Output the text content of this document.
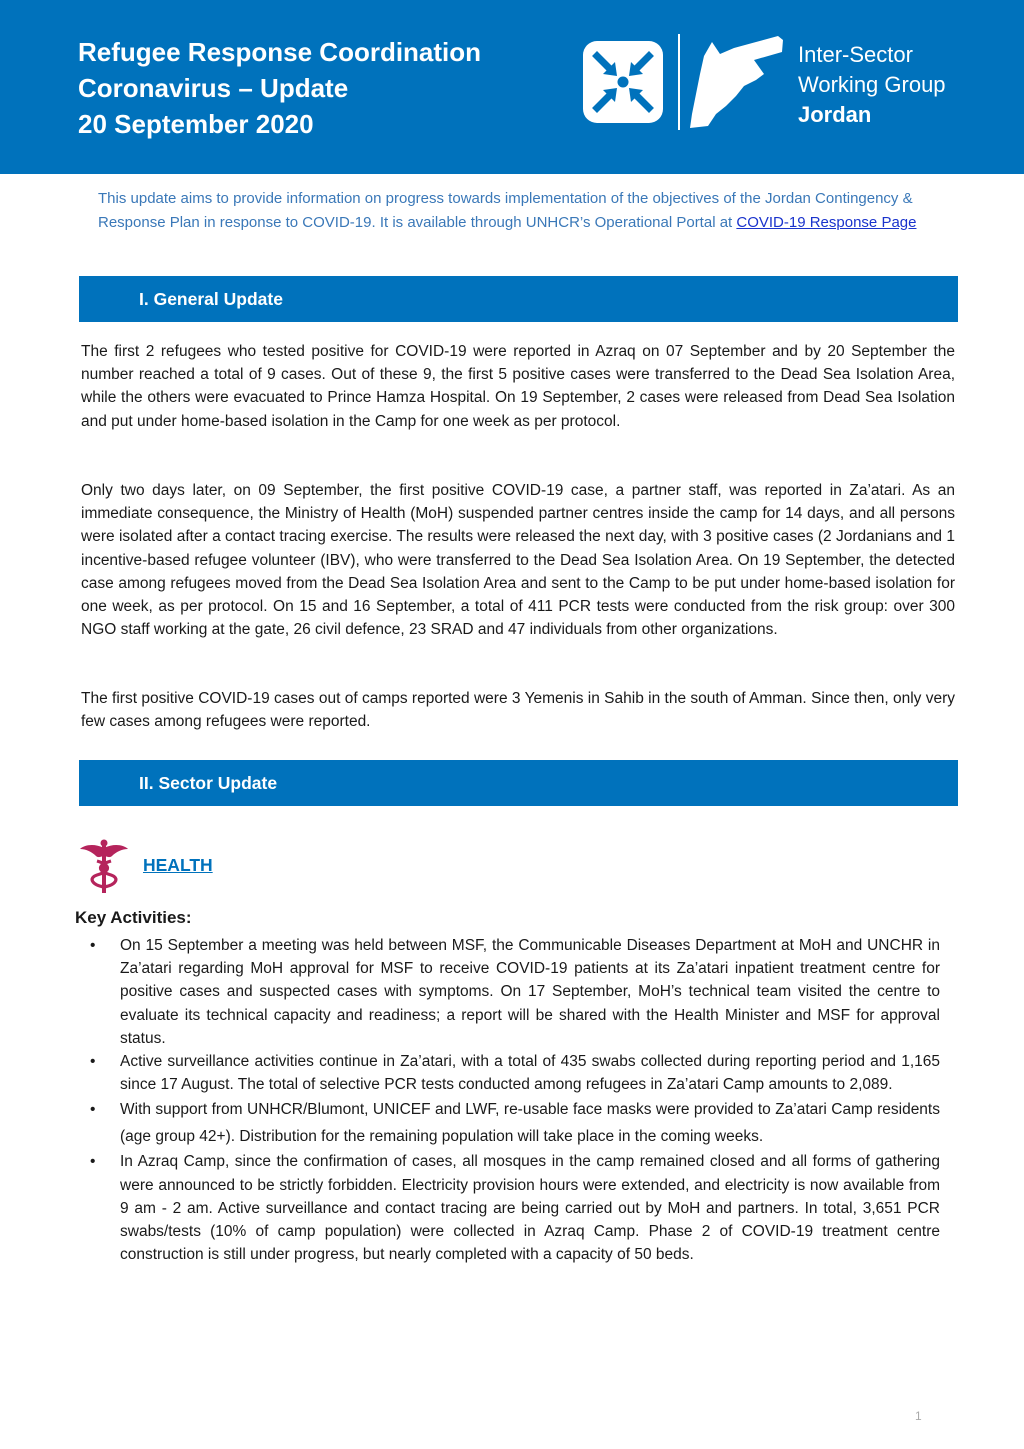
Refugee Response Coordination
Coronavirus – Update
20 September 2020
Inter-Sector
Working Group
Jordan
This update aims to provide information on progress towards implementation of the objectives of the Jordan Contingency & Response Plan in response to COVID-19. It is available through UNHCR’s Operational Portal at COVID-19 Response Page
I. General Update
The first 2 refugees who tested positive for COVID-19 were reported in Azraq on 07 September and by 20 September the number reached a total of 9 cases. Out of these 9, the first 5 positive cases were transferred to the Dead Sea Isolation Area, while the others were evacuated to Prince Hamza Hospital. On 19 September, 2 cases were released from Dead Sea Isolation and put under home-based isolation in the Camp for one week as per protocol.
Only two days later, on 09 September, the first positive COVID-19 case, a partner staff, was reported in Za’atari. As an immediate consequence, the Ministry of Health (MoH) suspended partner centres inside the camp for 14 days, and all persons were isolated after a contact tracing exercise. The results were released the next day, with 3 positive cases (2 Jordanians and 1 incentive-based refugee volunteer (IBV), who were transferred to the Dead Sea Isolation Area. On 19 September, the detected case among refugees moved from the Dead Sea Isolation Area and sent to the Camp to be put under home-based isolation for one week, as per protocol. On 15 and 16 September, a total of 411 PCR tests were conducted from the risk group: over 300 NGO staff working at the gate, 26 civil defence, 23 SRAD and 47 individuals from other organizations.
The first positive COVID-19 cases out of camps reported were 3 Yemenis in Sahib in the south of Amman. Since then, only very few cases among refugees were reported.
II. Sector Update
HEALTH
Key Activities:
• On 15 September a meeting was held between MSF, the Communicable Diseases Department at MoH and UNCHR in Za’atari regarding MoH approval for MSF to receive COVID-19 patients at its Za’atari inpatient treatment centre for positive cases and suspected cases with symptoms. On 17 September, MoH’s technical team visited the centre to evaluate its technical capacity and readiness; a report will be shared with the Health Minister and MSF for approval status.
• Active surveillance activities continue in Za’atari, with a total of 435 swabs collected during reporting period and 1,165 since 17 August. The total of selective PCR tests conducted among refugees in Za’atari Camp amounts to 2,089.
• With support from UNHCR/Blumont, UNICEF and LWF, re-usable face masks were provided to Za’atari Camp residents (age group 42+). Distribution for the remaining population will take place in the coming weeks.
• In Azraq Camp, since the confirmation of cases, all mosques in the camp remained closed and all forms of gathering were announced to be strictly forbidden. Electricity provision hours were extended, and electricity is now available from 9 am - 2 am. Active surveillance and contact tracing are being carried out by MoH and partners. In total, 3,651 PCR swabs/tests (10% of camp population) were collected in Azraq Camp. Phase 2 of COVID-19 treatment centre construction is still under progress, but nearly completed with a capacity of 50 beds.
1
